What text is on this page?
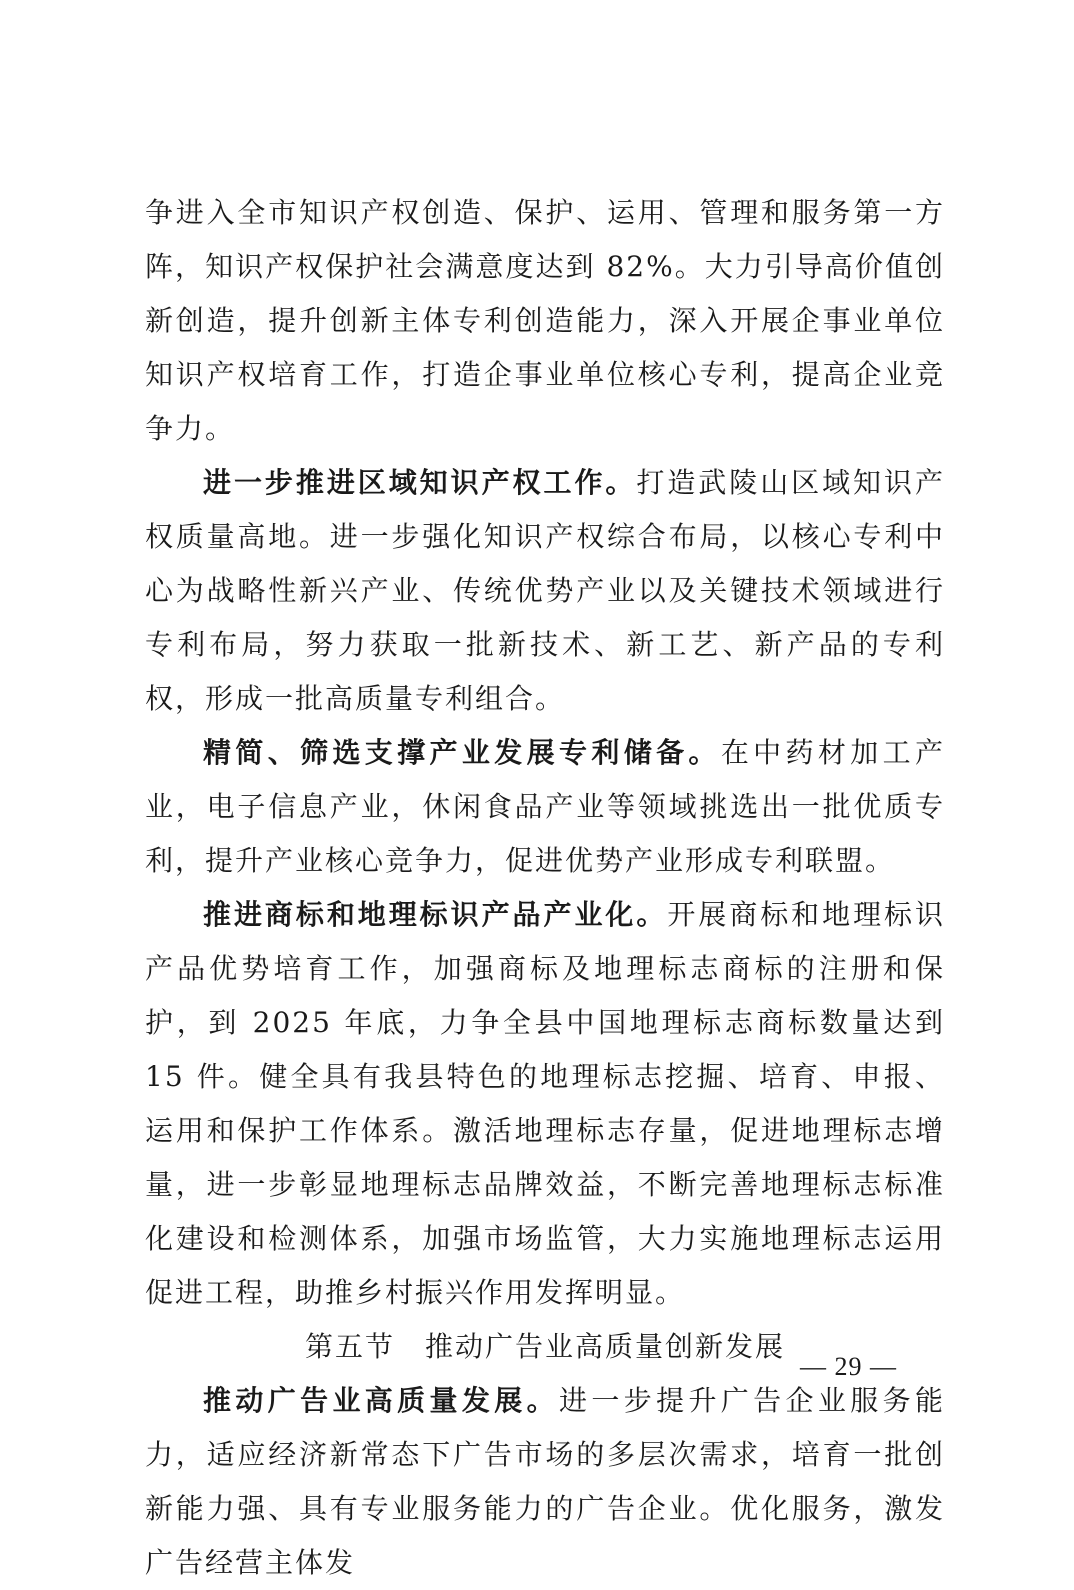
争进入全市知识产权创造、保护、运用、管理和服务第一方阵，知识产权保护社会满意度达到 82%。大力引导高价值创新创造，提升创新主体专利创造能力，深入开展企事业单位知识产权培育工作，打造企事业单位核心专利，提高企业竞争力。

进一步推进区域知识产权工作。打造武陵山区域知识产权质量高地。进一步强化知识产权综合布局，以核心专利中心为战略性新兴产业、传统优势产业以及关键技术领域进行专利布局，努力获取一批新技术、新工艺、新产品的专利权，形成一批高质量专利组合。

精简、筛选支撑产业发展专利储备。在中药材加工产业，电子信息产业，休闲食品产业等领域挑选出一批优质专利，提升产业核心竞争力，促进优势产业形成专利联盟。

推进商标和地理标识产品产业化。开展商标和地理标识产品优势培育工作，加强商标及地理标志商标的注册和保护，到 2025 年底，力争全县中国地理标志商标数量达到 15 件。健全具有我县特色的地理标志挖掘、培育、申报、运用和保护工作体系。激活地理标志存量，促进地理标志增量，进一步彰显地理标志品牌效益，不断完善地理标志标准化建设和检测体系，加强市场监管，大力实施地理标志运用促进工程，助推乡村振兴作用发挥明显。

第五节　推动广告业高质量创新发展

推动广告业高质量发展。进一步提升广告企业服务能力，适应经济新常态下广告市场的多层次需求，培育一批创新能力强、具有专业服务能力的广告企业。优化服务，激发广告经营主体发

— 29 —
